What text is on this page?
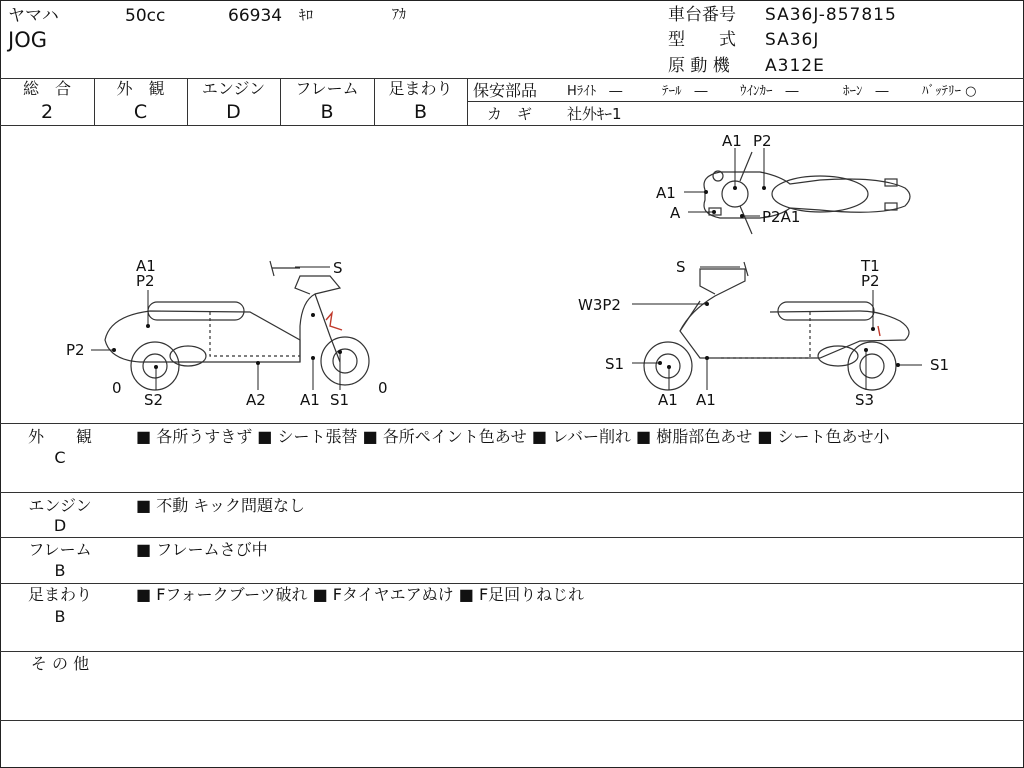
ヤマハ	50cc	66934 ｷﾛ	ｱｶ
JOG
車台番号 SA36J-857815
型　　式 SA36J
原 動 機 A312E
総　合
2
外　観
C
エンジン
D
フレーム
B
足まわり
B
保安部品 Hﾗｲﾄ　―	ﾃｰﾙ　― ｳｲﾝｶｰ　―	ﾎｰﾝ　―	ﾊﾞｯﾃﾘｰ ○
カ　ギ 社外ｷｰ1
A1 P2
A1
A	P2A1
A1
P2
S
P2
0
S2	A2 A1 S1
0
S	T1
P2
W3P2
S1	S1
A1 A1	S3
外　　観
C
■ 各所うすきず ■ シート張替 ■ 各所ペイント色あせ ■ レバー削れ ■ 樹脂部色あせ ■ シート色あせ小
エンジン
D
■ 不動 キック問題なし
フレーム
B
■ フレームさび中
足まわり
B
■ Fフォークブーツ破れ ■ Fタイヤエアぬけ ■ F足回りねじれ
そ の 他
